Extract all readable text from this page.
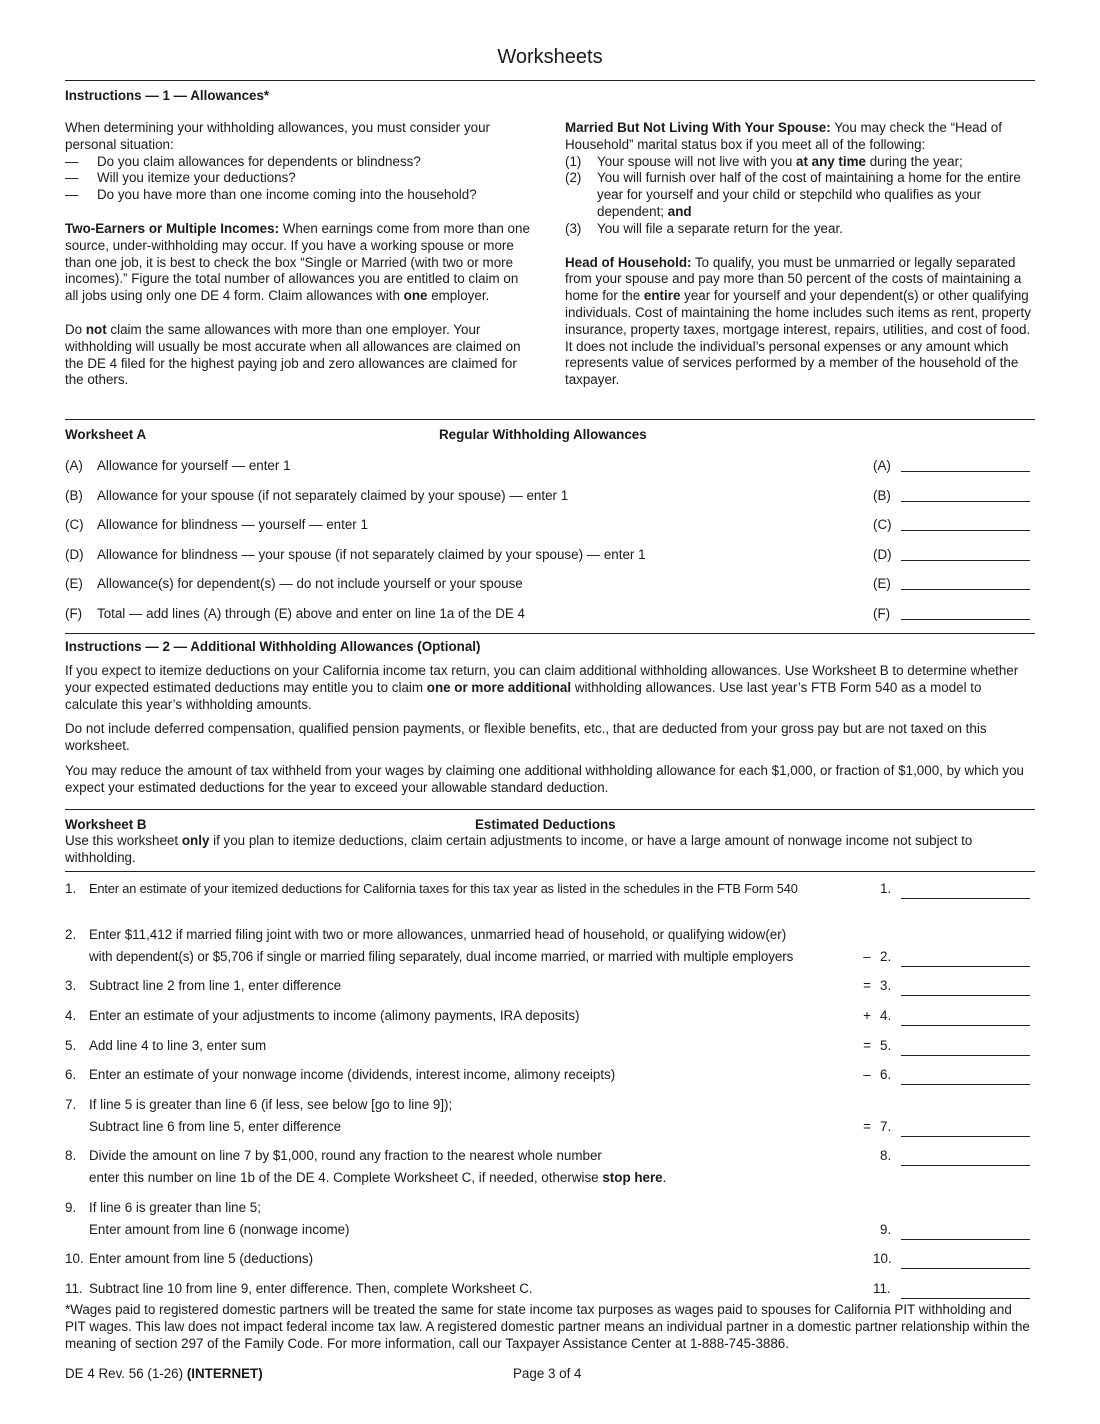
Worksheets
Instructions — 1 — Allowances*

When determining your withholding allowances, you must consider your personal situation:

—	Do you claim allowances for dependents or blindness?
—	Will you itemize your deductions?
—	Do you have more than one income coming into the household?

Two-Earners or Multiple Incomes: When earnings come from more than one source, under-withholding may occur. If you have a working spouse or more than one job, it is best to check the box “Single or Married (with two or more incomes).” Figure the total number of allowances you are entitled to claim on all jobs using only one DE 4 form. Claim allowances with one employer.

Do not claim the same allowances with more than one employer. Your withholding will usually be most accurate when all allowances are claimed on the DE 4 filed for the highest paying job and zero allowances are claimed for the others.

Married But Not Living With Your Spouse: You may check the “Head of Household” marital status box if you meet all of the following:

(1)	Your spouse will not live with you at any time during the year;
(2)	You will furnish over half of the cost of maintaining a home for the entire year for yourself and your child or stepchild who qualifies as your dependent; and
(3)	You will file a separate return for the year.

Head of Household: To qualify, you must be unmarried or legally separated from your spouse and pay more than 50 percent of the costs of maintaining a home for the entire year for yourself and your dependent(s) or other qualifying individuals. Cost of maintaining the home includes such items as rent, property insurance, property taxes, mortgage interest, repairs, utilities, and cost of food. It does not include the individual’s personal expenses or any amount which represents value of services performed by a member of the household of the taxpayer.

Worksheet A	Regular Withholding Allowances
(A)	Allowance for yourself — enter 1	(A)
(B)	Allowance for your spouse (if not separately claimed by your spouse) — enter 1	(B)
(C)	Allowance for blindness — yourself — enter 1	(C)
(D)	Allowance for blindness — your spouse (if not separately claimed by your spouse) — enter 1	(D)
(E)	Allowance(s) for dependent(s) — do not include yourself or your spouse	(E)
(F)	Total — add lines (A) through (E) above and enter on line 1a of the DE 4	(F)
Instructions — 2 — Additional Withholding Allowances (Optional)

If you expect to itemize deductions on your California income tax return, you can claim additional withholding allowances. Use Worksheet B to determine whether your expected estimated deductions may entitle you to claim one or more additional withholding allowances. Use last year’s FTB Form 540 as a model to calculate this year’s withholding amounts.

Do not include deferred compensation, qualified pension payments, or flexible benefits, etc., that are deducted from your gross pay but are not taxed on this worksheet.

You may reduce the amount of tax withheld from your wages by claiming one additional withholding allowance for each $1,000, or fraction of $1,000, by which you expect your estimated deductions for the year to exceed your allowable standard deduction.

Worksheet B	Estimated Deductions

Use this worksheet only if you plan to itemize deductions, claim certain adjustments to income, or have a large amount of nonwage income not subject to withholding.

1. Enter an estimate of your itemized deductions for California taxes for this tax year as listed in the schedules in the FTB Form 540	1.
2. Enter $11,412 if married filing joint with two or more allowances, unmarried head of household, or qualifying widow(er)
with dependent(s) or $5,706 if single or married filing separately, dual income married, or married with multiple employers	– 2.
3. Subtract line 2 from line 1, enter difference	= 3.
4. Enter an estimate of your adjustments to income (alimony payments, IRA deposits)	+ 4.
5. Add line 4 to line 3, enter sum	= 5.
6. Enter an estimate of your nonwage income (dividends, interest income, alimony receipts)	– 6.
7. If line 5 is greater than line 6 (if less, see below [go to line 9]);
Subtract line 6 from line 5, enter difference	= 7.
8. Divide the amount on line 7 by $1,000, round any fraction to the nearest whole number	8.
enter this number on line 1b of the DE 4. Complete Worksheet C, if needed, otherwise stop here.
9. If line 6 is greater than line 5;
Enter amount from line 6 (nonwage income)	9.
10. Enter amount from line 5 (deductions)	10.
11. Subtract line 10 from line 9, enter difference. Then, complete Worksheet C.	11.

*Wages paid to registered domestic partners will be treated the same for state income tax purposes as wages paid to spouses for California PIT withholding and PIT wages. This law does not impact federal income tax law. A registered domestic partner means an individual partner in a domestic partner relationship within the meaning of section 297 of the Family Code. For more information, call our Taxpayer Assistance Center at 1-888-745-3886.

DE 4 Rev. 56 (1-26) (INTERNET)	Page 3 of 4
